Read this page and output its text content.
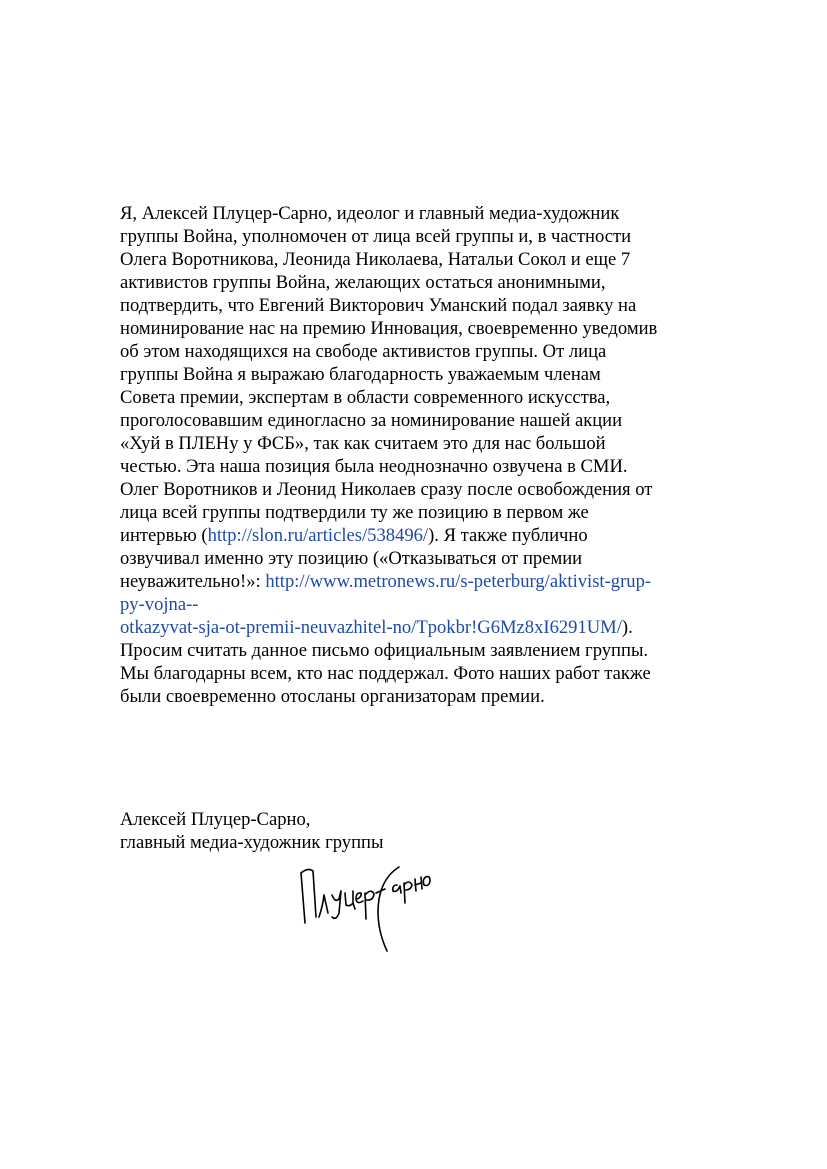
Я, Алексей Плуцер-Сарно, идеолог и главный медиа-художник
группы Война, уполномочен от лица всей группы и, в частности
Олега Воротникова, Леонида Николаева, Натальи Сокол и еще 7
активистов группы Война, желающих остаться анонимными,
подтвердить, что Евгений Викторович Уманский подал заявку на
номинирование нас на премию Инновация, своевременно уведомив
об этом находящихся на свободе активистов группы. От лица
группы Война я выражаю благодарность уважаемым членам
Совета премии, экспертам в области современного искусства,
проголосовавшим единогласно за номинирование нашей акции
«Хуй в ПЛЕНу у ФСБ», так как считаем это для нас большой
честью. Эта наша позиция была неоднозначно озвучена в СМИ.
Олег Воротников и Леонид Николаев сразу после освобождения от
лица всей группы подтвердили ту же позицию в первом же
интервью (http://slon.ru/articles/538496/). Я также публично
озвучивал именно эту позицию («Отказываться от премии
неуважительно!»: http://www.metronews.ru/s-peterburg/aktivist-grup-
py-vojna--
otkazyvat-sja-ot-premii-neuvazhitel-no/Tpokbr!G6Mz8xI6291UM/).
Просим считать данное письмо официальным заявлением группы.
Мы благодарны всем, кто нас поддержал. Фото наших работ также
были своевременно отосланы организаторам премии.
Алексей Плуцер-Сарно,
главный медиа-художник группы
